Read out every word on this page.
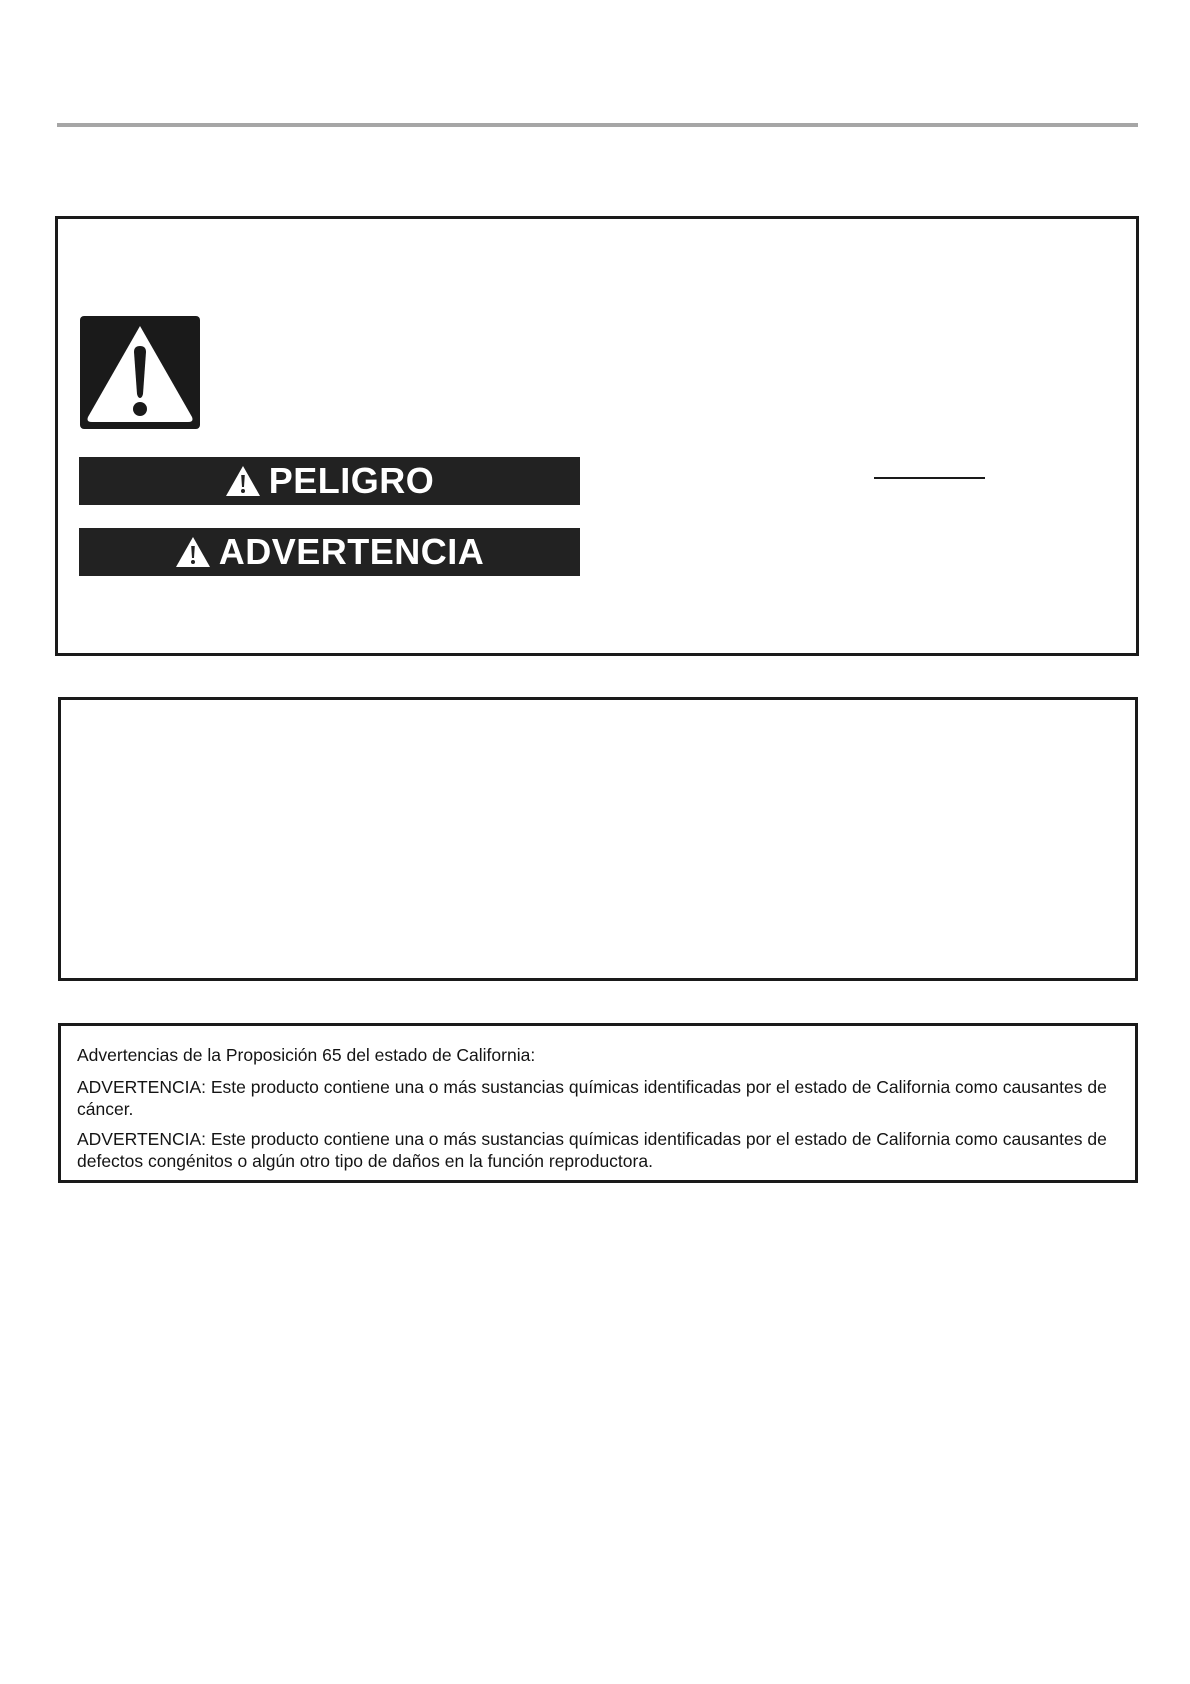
PELIGRO
ADVERTENCIA
Advertencias de la Proposición 65 del estado de California:
ADVERTENCIA: Este producto contiene una o más sustancias químicas identificadas por el estado de California como causantes de cáncer.
ADVERTENCIA: Este producto contiene una o más sustancias químicas identificadas por el estado de California como causantes de defectos congénitos o algún otro tipo de daños en la función reproductora.
